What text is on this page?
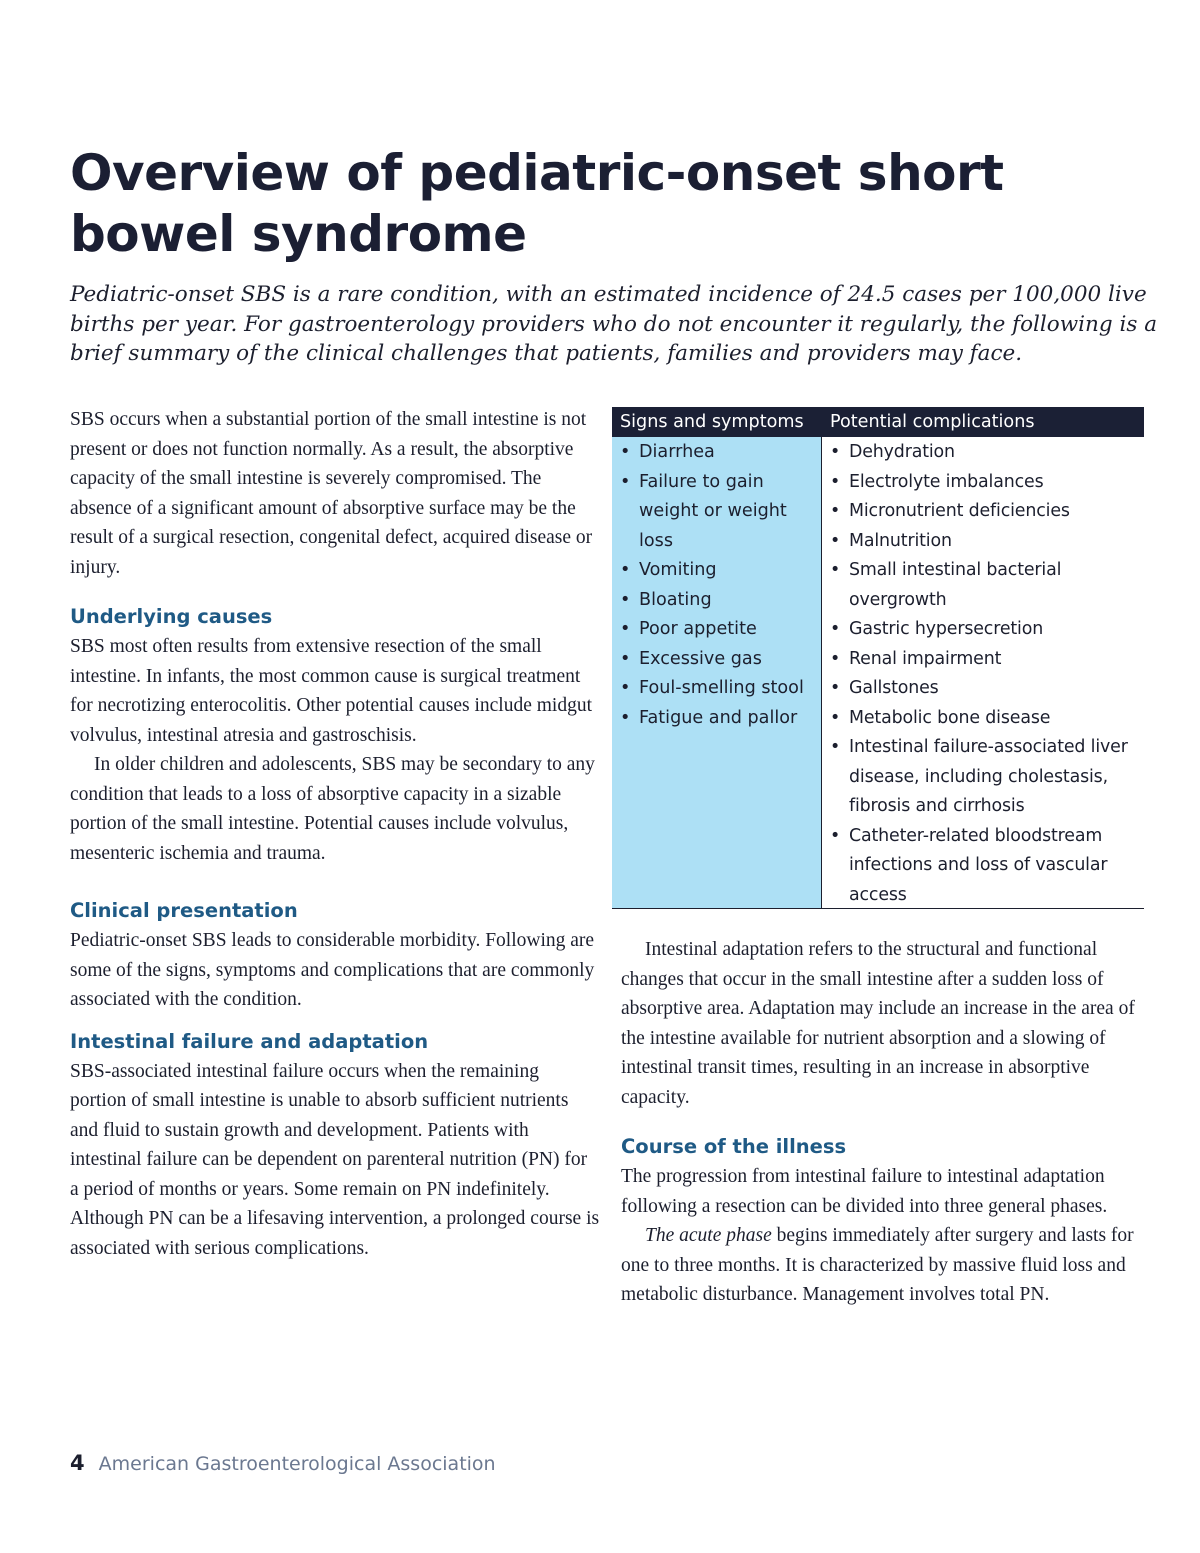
Overview of pediatric-onset short bowel syndrome

Pediatric-onset SBS is a rare condition, with an estimated incidence of 24.5 cases per 100,000 live births per year. For gastroenterology providers who do not encounter it regularly, the following is a brief summary of the clinical challenges that patients, families and providers may face.

SBS occurs when a substantial portion of the small intestine is not present or does not function normally. As a result, the absorptive capacity of the small intestine is severely compromised. The absence of a significant amount of absorptive surface may be the result of a surgical resection, congenital defect, acquired disease or injury.

Underlying causes

SBS most often results from extensive resection of the small intestine. In infants, the most common cause is surgical treatment for necrotizing enterocolitis. Other potential causes include midgut volvulus, intestinal atresia and gastroschisis.

In older children and adolescents, SBS may be secondary to any condition that leads to a loss of absorptive capacity in a sizable portion of the small intestine. Potential causes include volvulus, mesenteric ischemia and trauma.

Clinical presentation

Pediatric-onset SBS leads to considerable morbidity. Following are some of the signs, symptoms and complications that are commonly associated with the condition.

Intestinal failure and adaptation

SBS-associated intestinal failure occurs when the remaining portion of small intestine is unable to absorb sufficient nutrients and fluid to sustain growth and development. Patients with intestinal failure can be dependent on parenteral nutrition (PN) for a period of months or years. Some remain on PN indefinitely. Although PN can be a lifesaving intervention, a prolonged course is associated with serious complications.

Signs and symptoms Potential complications
• Diarrhea
• Failure to gain weight or weight loss
• Vomiting
• Bloating
• Poor appetite
• Excessive gas
• Foul-smelling stool
• Fatigue and pallor
• Dehydration
• Electrolyte imbalances
• Micronutrient deficiencies
• Malnutrition
• Small intestinal bacterial overgrowth
• Gastric hypersecretion
• Renal impairment
• Gallstones
• Metabolic bone disease
• Intestinal failure-associated liver disease, including cholestasis, fibrosis and cirrhosis
• Catheter-related bloodstream infections and loss of vascular access

Intestinal adaptation refers to the structural and functional changes that occur in the small intestine after a sudden loss of absorptive area. Adaptation may include an increase in the area of the intestine available for nutrient absorption and a slowing of intestinal transit times, resulting in an increase in absorptive capacity.

Course of the illness

The progression from intestinal failure to intestinal adaptation following a resection can be divided into three general phases.

The acute phase begins immediately after surgery and lasts for one to three months. It is characterized by massive fluid loss and metabolic disturbance. Management involves total PN.

4 American Gastroenterological Association
